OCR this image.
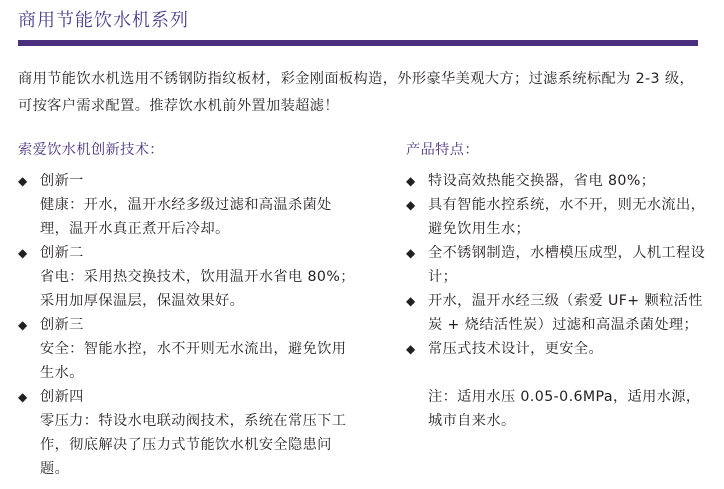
商用节能饮水机系列

商用节能饮水机选用不锈钢防指纹板材，彩金刚面板构造，外形豪华美观大方；过滤系统标配为 2-3 级，可按客户需求配置。推荐饮水机前外置加装超滤！

索爱饮水机创新技术：
◆ 创新一
健康：开水，温开水经多级过滤和高温杀菌处理，温开水真正煮开后冷却。
◆ 创新二
省电：采用热交换技术，饮用温开水省电 80%；采用加厚保温层，保温效果好。
◆ 创新三
安全：智能水控，水不开则无水流出，避免饮用生水。
◆ 创新四
零压力：特设水电联动阀技术，系统在常压下工作，彻底解决了压力式节能饮水机安全隐患问题。
产品特点：
◆ 特设高效热能交换器，省电 80%；
◆ 具有智能水控系统，水不开，则无水流出，避免饮用生水；
◆ 全不锈钢制造，水槽模压成型，人机工程设计；
◆ 开水，温开水经三级（索爱 UF+ 颗粒活性炭 + 烧结活性炭）过滤和高温杀菌处理；
◆ 常压式技术设计，更安全。
注：适用水压 0.05-0.6MPa，适用水源，城市自来水。
